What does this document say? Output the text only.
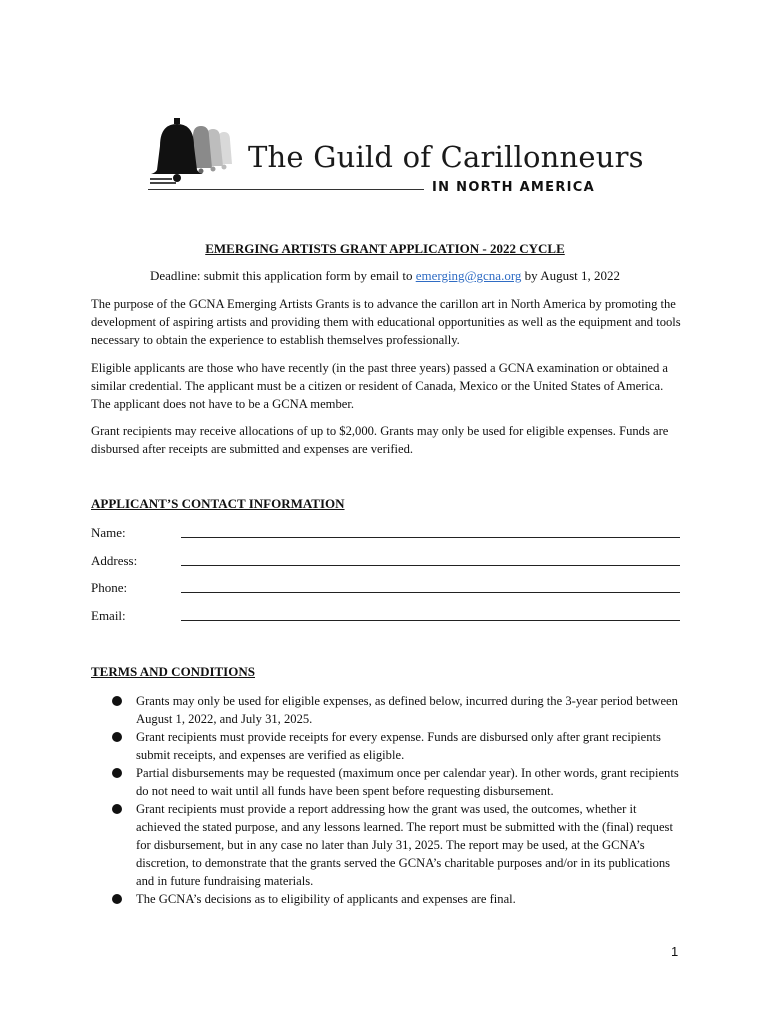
The Guild of Carillonneurs
IN NORTH AMERICA
EMERGING ARTISTS GRANT APPLICATION - 2022 CYCLE
Deadline: submit this application form by email to emerging@gcna.org by August 1, 2022
The purpose of the GCNA Emerging Artists Grants is to advance the carillon art in North America by promoting the development of aspiring artists and providing them with educational opportunities as well as the equipment and tools necessary to obtain the experience to establish themselves professionally.
Eligible applicants are those who have recently (in the past three years) passed a GCNA examination or obtained a similar credential. The applicant must be a citizen or resident of Canada, Mexico or the United States of America. The applicant does not have to be a GCNA member.
Grant recipients may receive allocations of up to $2,000. Grants may only be used for eligible expenses. Funds are disbursed after receipts are submitted and expenses are verified.
APPLICANT’S CONTACT INFORMATION
Name:
Address:
Phone:
Email:
TERMS AND CONDITIONS
Grants may only be used for eligible expenses, as defined below, incurred during the 3-year period between August 1, 2022, and July 31, 2025.
Grant recipients must provide receipts for every expense. Funds are disbursed only after grant recipients submit receipts, and expenses are verified as eligible.
Partial disbursements may be requested (maximum once per calendar year). In other words, grant recipients do not need to wait until all funds have been spent before requesting disbursement.
Grant recipients must provide a report addressing how the grant was used, the outcomes, whether it achieved the stated purpose, and any lessons learned. The report must be submitted with the (final) request for disbursement, but in any case no later than July 31, 2025. The report may be used, at the GCNA’s discretion, to demonstrate that the grants served the GCNA’s charitable purposes and/or in its publications and in future fundraising materials.
The GCNA’s decisions as to eligibility of applicants and expenses are final.
1
